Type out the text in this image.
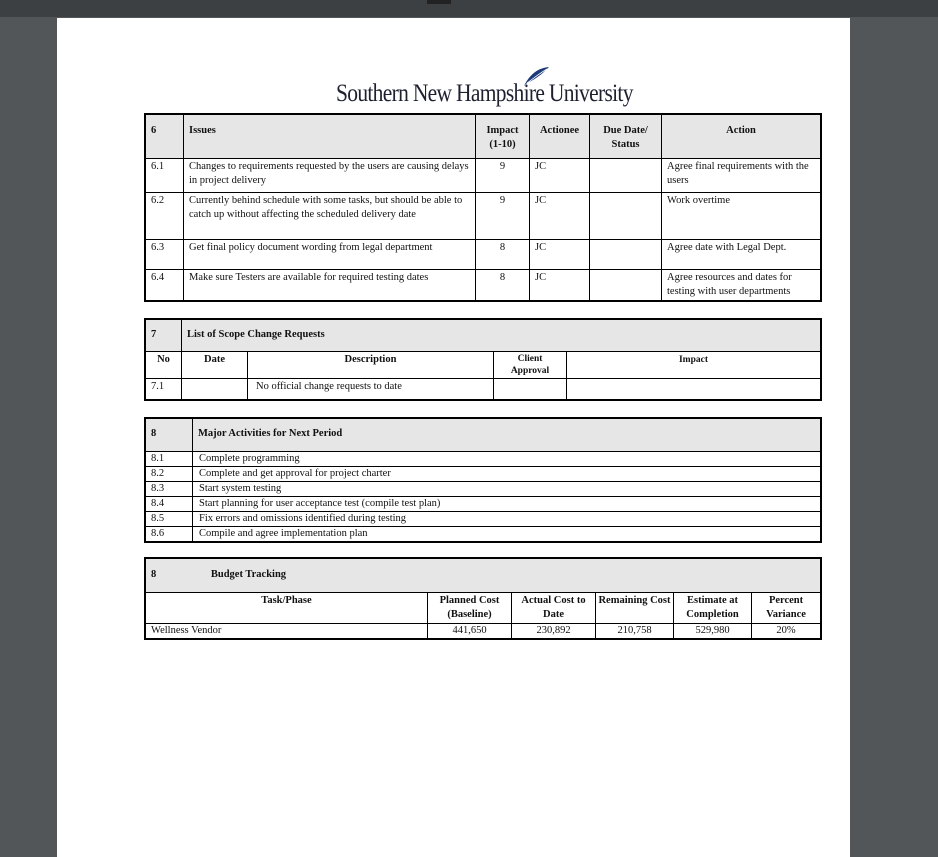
Southern New Hampshire University
6	Issues	Impact (1-10)	Actionee	Due Date/ Status	Action
6.1	Changes to requirements requested by the users are causing delays in project delivery	9	JC		Agree final requirements with the users
6.2	Currently behind schedule with some tasks, but should be able to catch up without affecting the scheduled delivery date	9	JC		Work overtime
6.3	Get final policy document wording from legal department	8	JC		Agree date with Legal Dept.
6.4	Make sure Testers are available for required testing dates	8	JC		Agree resources and dates for testing with user departments
7	List of Scope Change Requests			
No	Date	Description	Client Approval	Impact
7.1		No official change requests to date		
8	Major Activities for Next Period
8.1	Complete programming
8.2	Complete and get approval for project charter
8.3	Start system testing
8.4	Start planning for user acceptance test (compile test plan)
8.5	Fix errors and omissions identified during testing
8.6	Compile and agree implementation plan
8 Budget Tracking					
Task/Phase	Planned Cost (Baseline)	Actual Cost to Date	Remaining Cost	Estimate at Completion	Percent Variance
Wellness Vendor	441,650	230,892	210,758	529,980	20%
